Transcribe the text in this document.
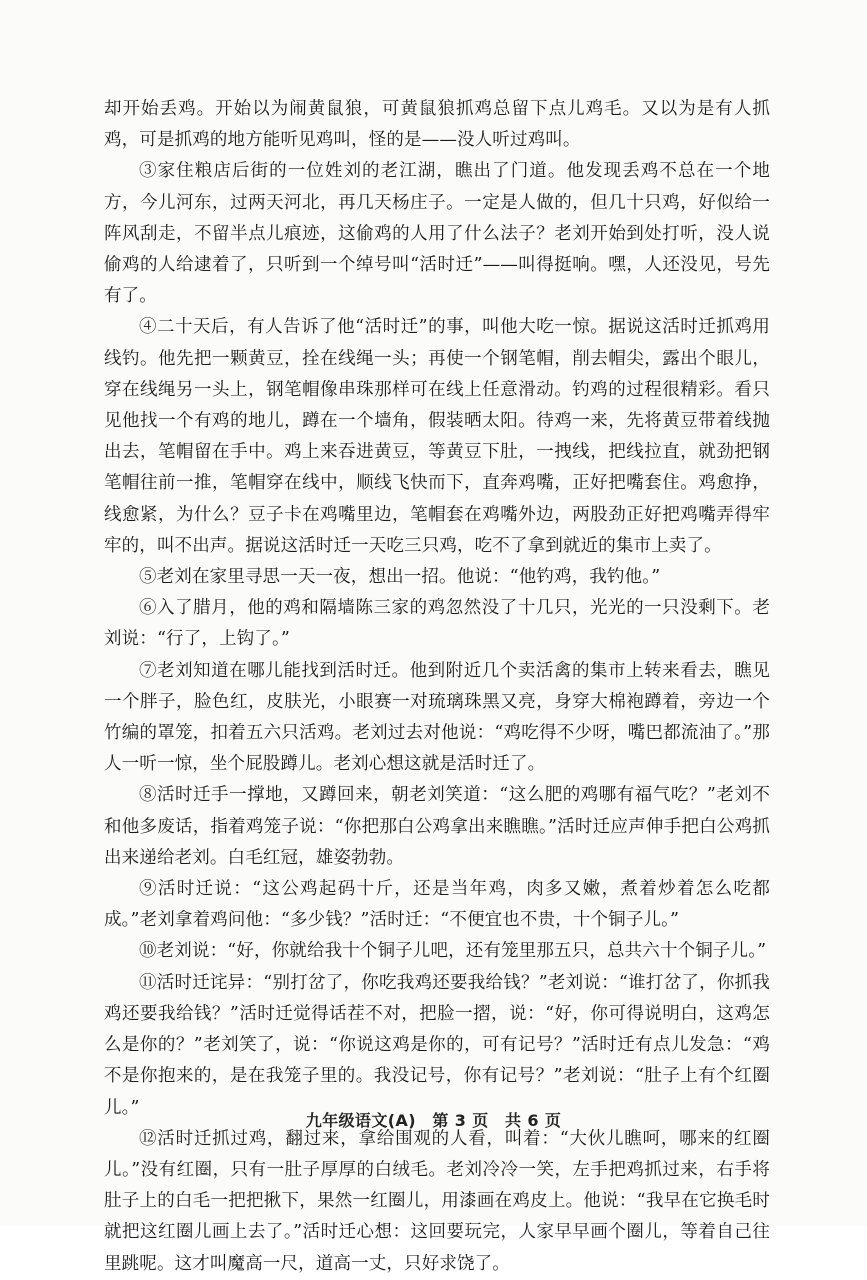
却开始丢鸡。开始以为闹黄鼠狼，可黄鼠狼抓鸡总留下点儿鸡毛。又以为是有人抓鸡，可是抓鸡的地方能听见鸡叫，怪的是——没人听过鸡叫。

③家住粮店后街的一位姓刘的老江湖，瞧出了门道。他发现丢鸡不总在一个地方，今儿河东，过两天河北，再几天杨庄子。一定是人做的，但几十只鸡，好似给一阵风刮走，不留半点儿痕迹，这偷鸡的人用了什么法子？老刘开始到处打听，没人说偷鸡的人给逮着了，只听到一个绰号叫“活时迁”——叫得挺响。嘿，人还没见，号先有了。

④二十天后，有人告诉了他“活时迁”的事，叫他大吃一惊。据说这活时迁抓鸡用线钓。他先把一颗黄豆，拴在线绳一头；再使一个钢笔帽，削去帽尖，露出个眼儿，穿在线绳另一头上，钢笔帽像串珠那样可在线上任意滑动。钓鸡的过程很精彩。看只见他找一个有鸡的地儿，蹲在一个墙角，假装晒太阳。待鸡一来，先将黄豆带着线抛出去，笔帽留在手中。鸡上来吞进黄豆，等黄豆下肚，一拽线，把线拉直，就劲把钢笔帽往前一推，笔帽穿在线中，顺线飞快而下，直奔鸡嘴，正好把嘴套住。鸡愈挣，线愈紧，为什么？豆子卡在鸡嘴里边，笔帽套在鸡嘴外边，两股劲正好把鸡嘴弄得牢牢的，叫不出声。据说这活时迁一天吃三只鸡，吃不了拿到就近的集市上卖了。

⑤老刘在家里寻思一天一夜，想出一招。他说：“他钓鸡，我钓他。”

⑥入了腊月，他的鸡和隔墙陈三家的鸡忽然没了十几只，光光的一只没剩下。老刘说：“行了，上钩了。”

⑦老刘知道在哪儿能找到活时迁。他到附近几个卖活禽的集市上转来看去，瞧见一个胖子，脸色红，皮肤光，小眼赛一对琉璃珠黑又亮，身穿大棉袍蹲着，旁边一个竹编的罩笼，扣着五六只活鸡。老刘过去对他说：“鸡吃得不少呀，嘴巴都流油了。”那人一听一惊，坐个屁股蹲儿。老刘心想这就是活时迁了。

⑧活时迁手一撑地，又蹲回来，朝老刘笑道：“这么肥的鸡哪有福气吃？”老刘不和他多废话，指着鸡笼子说：“你把那白公鸡拿出来瞧瞧。”活时迁应声伸手把白公鸡抓出来递给老刘。白毛红冠，雄姿勃勃。

⑨活时迁说：“这公鸡起码十斤，还是当年鸡，肉多又嫩，煮着炒着怎么吃都成。”老刘拿着鸡问他：“多少钱？”活时迁：“不便宜也不贵，十个铜子儿。”

⑩老刘说：“好，你就给我十个铜子儿吧，还有笼里那五只，总共六十个铜子儿。”

⑪活时迁诧异：“别打岔了，你吃我鸡还要我给钱？”老刘说：“谁打岔了，你抓我鸡还要我给钱？”活时迁觉得话茬不对，把脸一摺，说：“好，你可得说明白，这鸡怎么是你的？”老刘笑了，说：“你说这鸡是你的，可有记号？”活时迁有点儿发急：“鸡不是你抱来的，是在我笼子里的。我没记号，你有记号？”老刘说：“肚子上有个红圈儿。”

⑫活时迁抓过鸡，翻过来，拿给围观的人看，叫着：“大伙儿瞧呵，哪来的红圈儿。”没有红圈，只有一肚子厚厚的白绒毛。老刘冷冷一笑，左手把鸡抓过来，右手将肚子上的白毛一把把揪下，果然一红圈儿，用漆画在鸡皮上。他说：“我早在它换毛时就把这红圈儿画上去了。”活时迁心想：这回要玩完，人家早早画个圈儿，等着自己往里跳呢。这才叫魔高一尺，道高一丈，只好求饶了。

九年级语文(A)　第 3 页　共 6 页
